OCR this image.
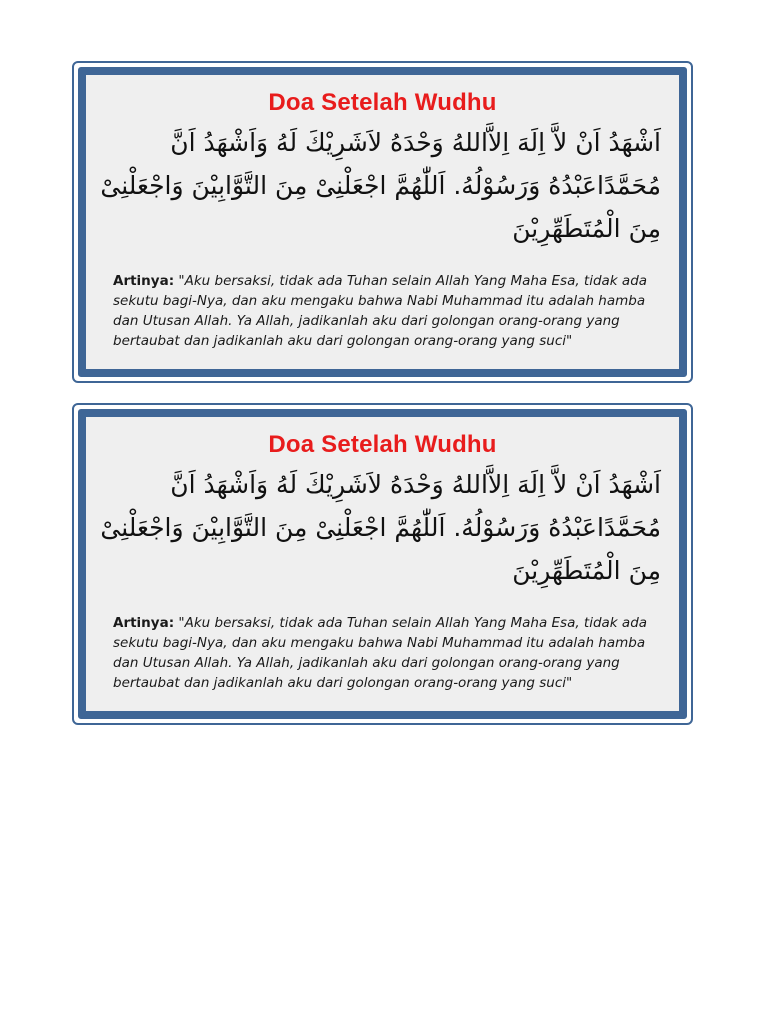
Doa Setelah Wudhu
اَشْهَدُ اَنْ لاَّ اِلَهَ اِلاَّاللهُ وَحْدَهُ لاَشَرِيْكَ لَهُ وَاَشْهَدُ اَنَّ
مُحَمَّدًاعَبْدُهُ وَرَسُوْلُهُ. اَللّٰهُمَّ اجْعَلْنِىْ مِنَ التَّوَّابِيْنَ وَاجْعَلْنِىْ
مِنَ الْمُتَطَهِّرِيْنَ
Artinya: "Aku bersaksi, tidak ada Tuhan selain Allah Yang Maha Esa, tidak ada sekutu bagi-Nya, dan aku mengaku bahwa Nabi Muhammad itu adalah hamba dan Utusan Allah. Ya Allah, jadikanlah aku dari golongan orang-orang yang bertaubat dan jadikanlah aku dari golongan orang-orang yang suci"
Doa Setelah Wudhu
اَشْهَدُ اَنْ لاَّ اِلَهَ اِلاَّاللهُ وَحْدَهُ لاَشَرِيْكَ لَهُ وَاَشْهَدُ اَنَّ
مُحَمَّدًاعَبْدُهُ وَرَسُوْلُهُ. اَللّٰهُمَّ اجْعَلْنِىْ مِنَ التَّوَّابِيْنَ وَاجْعَلْنِىْ
مِنَ الْمُتَطَهِّرِيْنَ
Artinya: "Aku bersaksi, tidak ada Tuhan selain Allah Yang Maha Esa, tidak ada sekutu bagi-Nya, dan aku mengaku bahwa Nabi Muhammad itu adalah hamba dan Utusan Allah. Ya Allah, jadikanlah aku dari golongan orang-orang yang bertaubat dan jadikanlah aku dari golongan orang-orang yang suci"
